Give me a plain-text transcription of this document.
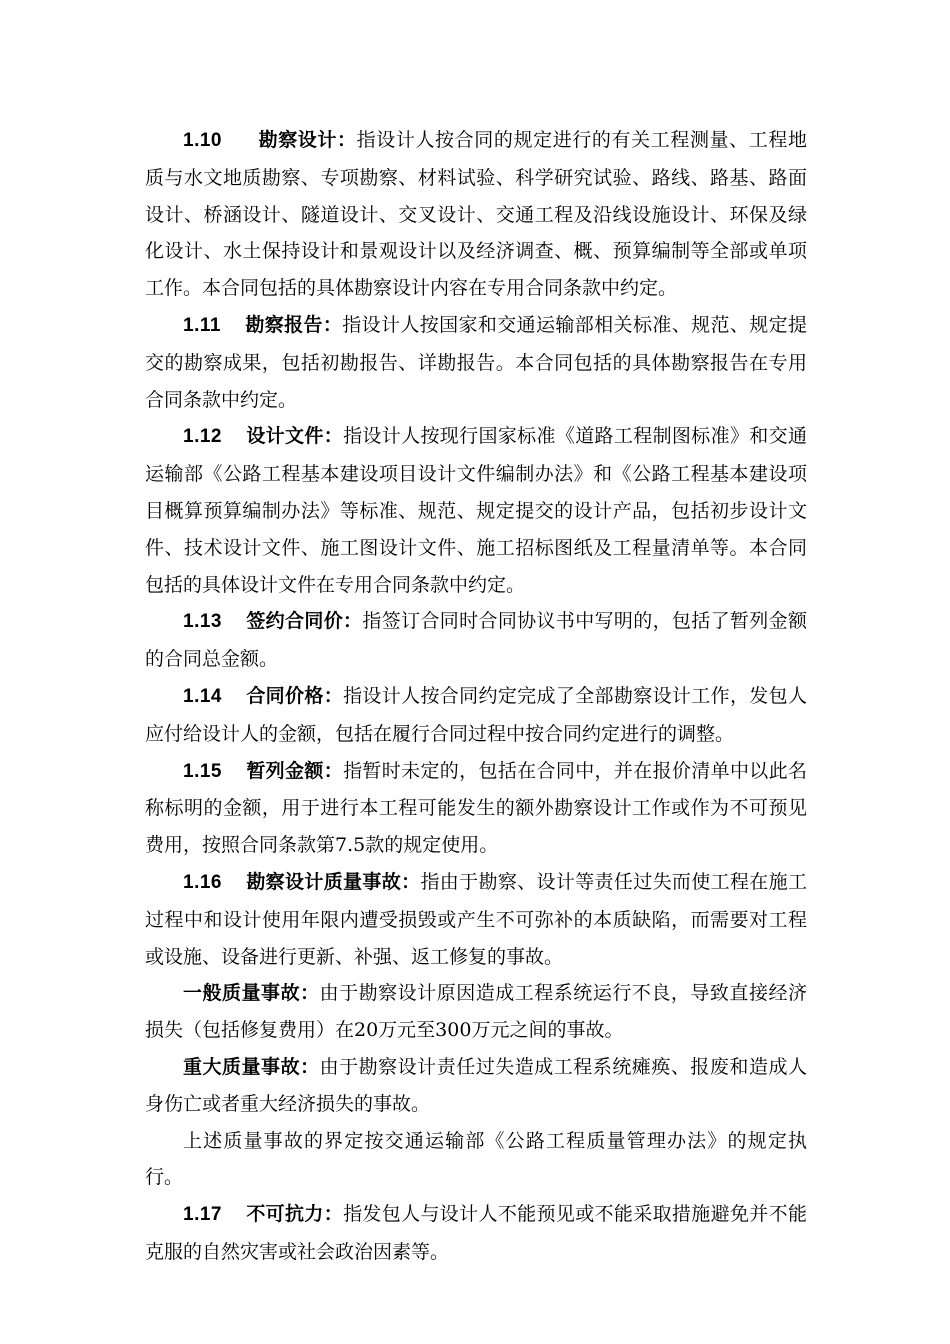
1.10 勘察设计：指设计人按合同的规定进行的有关工程测量、工程地质与水文地质勘察、专项勘察、材料试验、科学研究试验、路线、路基、路面设计、桥涵设计、隧道设计、交叉设计、交通工程及沿线设施设计、环保及绿化设计、水土保持设计和景观设计以及经济调查、概、预算编制等全部或单项工作。本合同包括的具体勘察设计内容在专用合同条款中约定。

1.11 勘察报告：指设计人按国家和交通运输部相关标准、规范、规定提交的勘察成果，包括初勘报告、详勘报告。本合同包括的具体勘察报告在专用合同条款中约定。

1.12 设计文件：指设计人按现行国家标准《道路工程制图标准》和交通运输部《公路工程基本建设项目设计文件编制办法》和《公路工程基本建设项目概算预算编制办法》等标准、规范、规定提交的设计产品，包括初步设计文件、技术设计文件、施工图设计文件、施工招标图纸及工程量清单等。本合同包括的具体设计文件在专用合同条款中约定。

1.13 签约合同价：指签订合同时合同协议书中写明的，包括了暂列金额的合同总金额。

1.14 合同价格：指设计人按合同约定完成了全部勘察设计工作，发包人应付给设计人的金额，包括在履行合同过程中按合同约定进行的调整。

1.15 暂列金额：指暂时未定的，包括在合同中，并在报价清单中以此名称标明的金额，用于进行本工程可能发生的额外勘察设计工作或作为不可预见费用，按照合同条款第7.5款的规定使用。

1.16 勘察设计质量事故：指由于勘察、设计等责任过失而使工程在施工过程中和设计使用年限内遭受损毁或产生不可弥补的本质缺陷，而需要对工程或设施、设备进行更新、补强、返工修复的事故。

一般质量事故：由于勘察设计原因造成工程系统运行不良，导致直接经济损失（包括修复费用）在20万元至300万元之间的事故。

重大质量事故：由于勘察设计责任过失造成工程系统瘫痪、报废和造成人身伤亡或者重大经济损失的事故。

上述质量事故的界定按交通运输部《公路工程质量管理办法》的规定执行。

1.17 不可抗力：指发包人与设计人不能预见或不能采取措施避免并不能克服的自然灾害或社会政治因素等。
